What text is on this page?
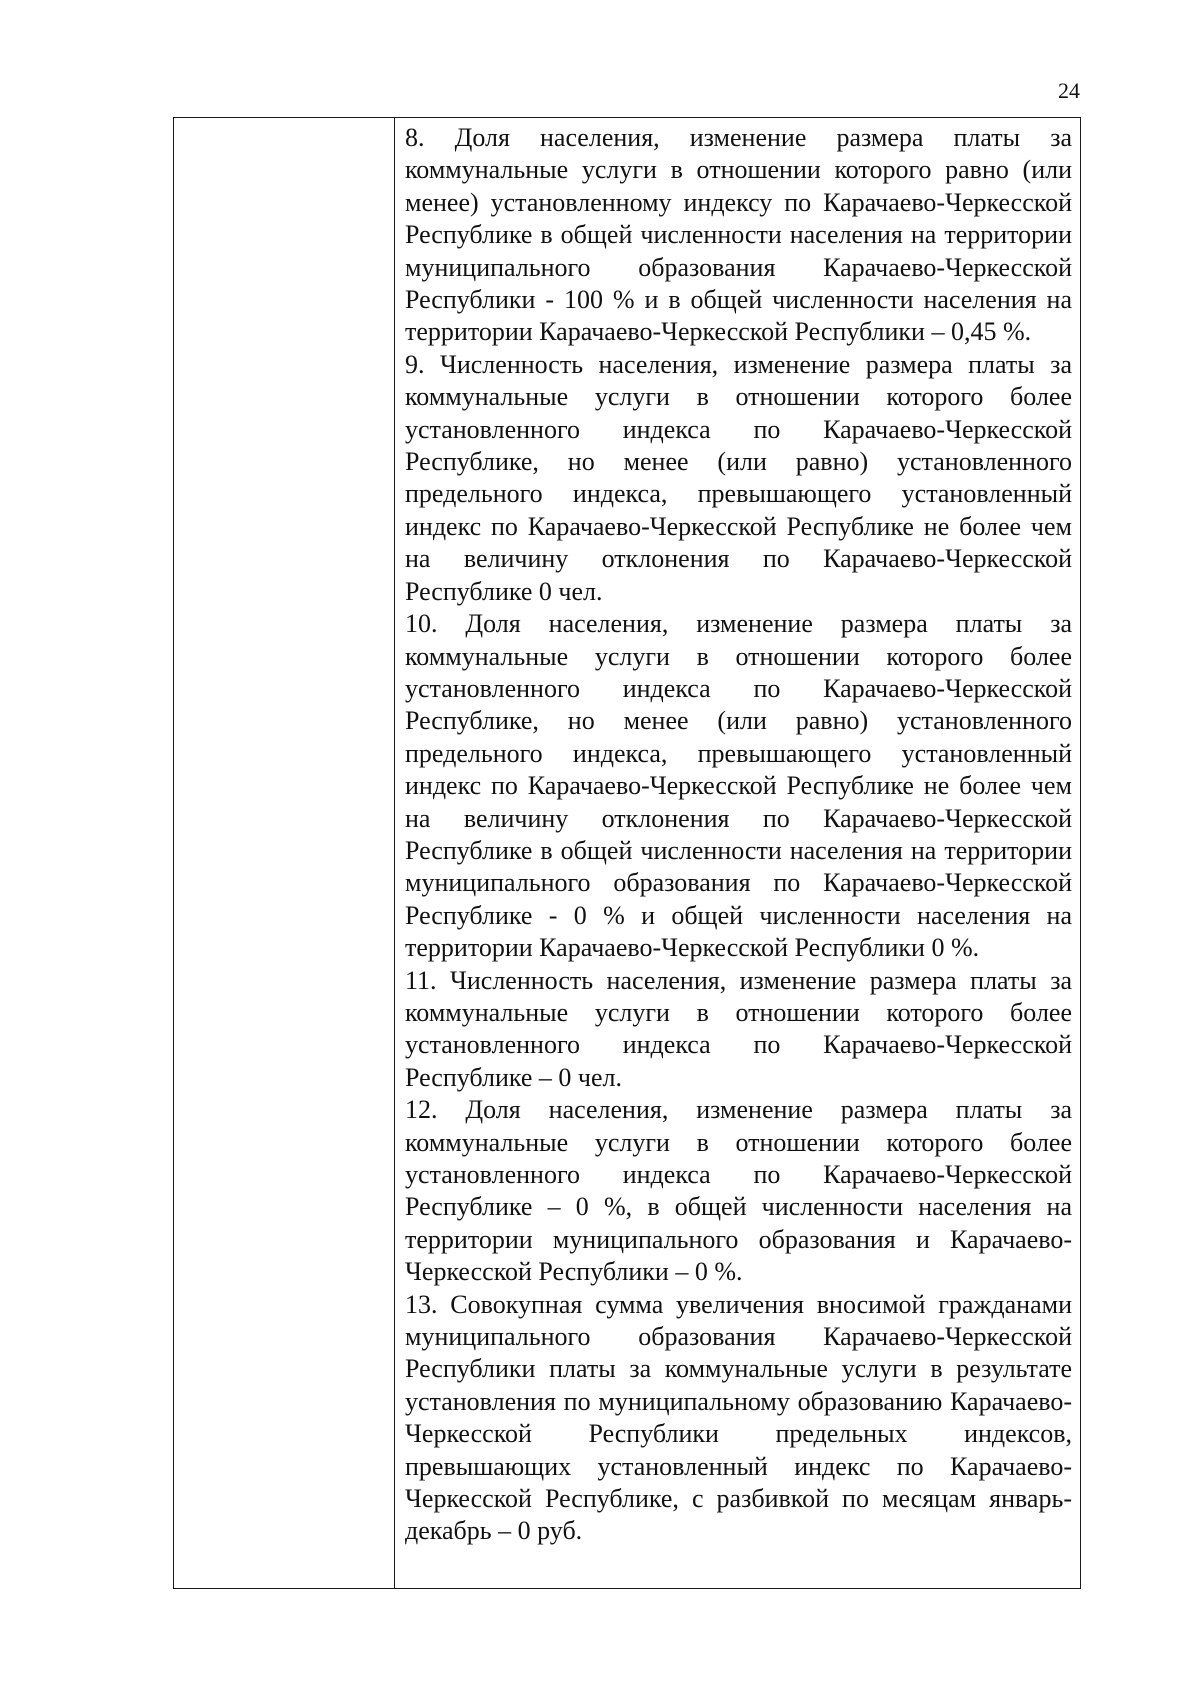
24

8. Доля населения, изменение размера платы за коммунальные услуги в отношении которого равно (или менее) установленному индексу по Карачаево-Черкесской Республике в общей численности населения на территории муниципального образования Карачаево-Черкесской Республики - 100 % и в общей численности населения на территории Карачаево-Черкесской Республики – 0,45 %.

9. Численность населения, изменение размера платы за коммунальные услуги в отношении которого более установленного индекса по Карачаево-Черкесской Республике, но менее (или равно) установленного предельного индекса, превышающего установленный индекс по Карачаево-Черкесской Республике не более чем на величину отклонения по Карачаево-Черкесской Республике 0 чел.

10. Доля населения, изменение размера платы за коммунальные услуги в отношении которого более установленного индекса по Карачаево-Черкесской Республике, но менее (или равно) установленного предельного индекса, превышающего установленный индекс по Карачаево-Черкесской Республике не более чем на величину отклонения по Карачаево-Черкесской Республике в общей численности населения на территории муниципального образования по Карачаево-Черкесской Республике - 0 % и общей численности населения на территории Карачаево-Черкесской Республики 0 %.

11. Численность населения, изменение размера платы за коммунальные услуги в отношении которого более установленного индекса по Карачаево-Черкесской Республике – 0 чел.

12. Доля населения, изменение размера платы за коммунальные услуги в отношении которого более установленного индекса по Карачаево-Черкесской Республике – 0 %, в общей численности населения на территории муниципального образования и Карачаево-Черкесской Республики – 0 %.

13. Совокупная сумма увеличения вносимой гражданами муниципального образования Карачаево-Черкесской Республики платы за коммунальные услуги в результате установления по муниципальному образованию Карачаево-Черкесской Республики предельных индексов, превышающих установленный индекс по Карачаево-Черкесской Республике, с разбивкой по месяцам январь-декабрь – 0 руб.
